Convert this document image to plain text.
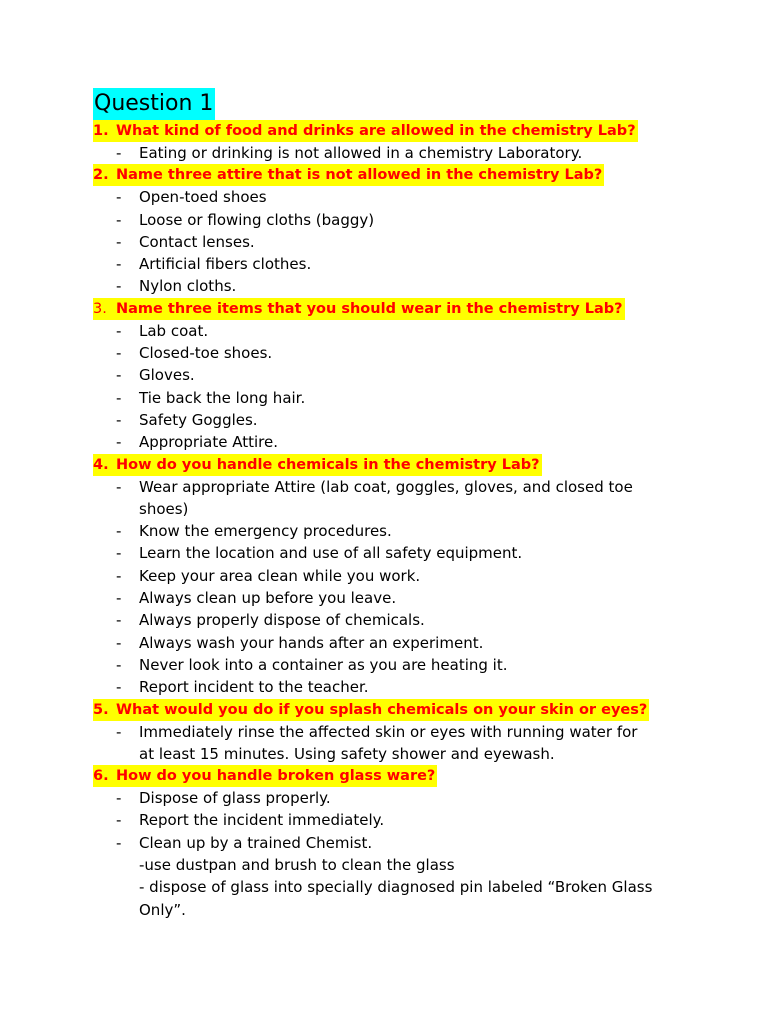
Question 1
1. What kind of food and drinks are allowed in the chemistry Lab?
- Eating or drinking is not allowed in a chemistry Laboratory.
2. Name three attire that is not allowed in the chemistry Lab?
- Open-toed shoes
- Loose or flowing cloths (baggy)
- Contact lenses.
- Artificial fibers clothes.
- Nylon cloths.
3. Name three items that you should wear in the chemistry Lab?
- Lab coat.
- Closed-toe shoes.
- Gloves.
- Tie back the long hair.
- Safety Goggles.
- Appropriate Attire.
4. How do you handle chemicals in the chemistry Lab?
- Wear appropriate Attire (lab coat, goggles, gloves, and closed toe
shoes)
- Know the emergency procedures.
- Learn the location and use of all safety equipment.
- Keep your area clean while you work.
- Always clean up before you leave.
- Always properly dispose of chemicals.
- Always wash your hands after an experiment.
- Never look into a container as you are heating it.
- Report incident to the teacher.
5. What would you do if you splash chemicals on your skin or eyes?
- Immediately rinse the affected skin or eyes with running water for
at least 15 minutes. Using safety shower and eyewash.
6. How do you handle broken glass ware?
- Dispose of glass properly.
- Report the incident immediately.
- Clean up by a trained Chemist.
-use dustpan and brush to clean the glass
- dispose of glass into specially diagnosed pin labeled “Broken Glass
Only”.
